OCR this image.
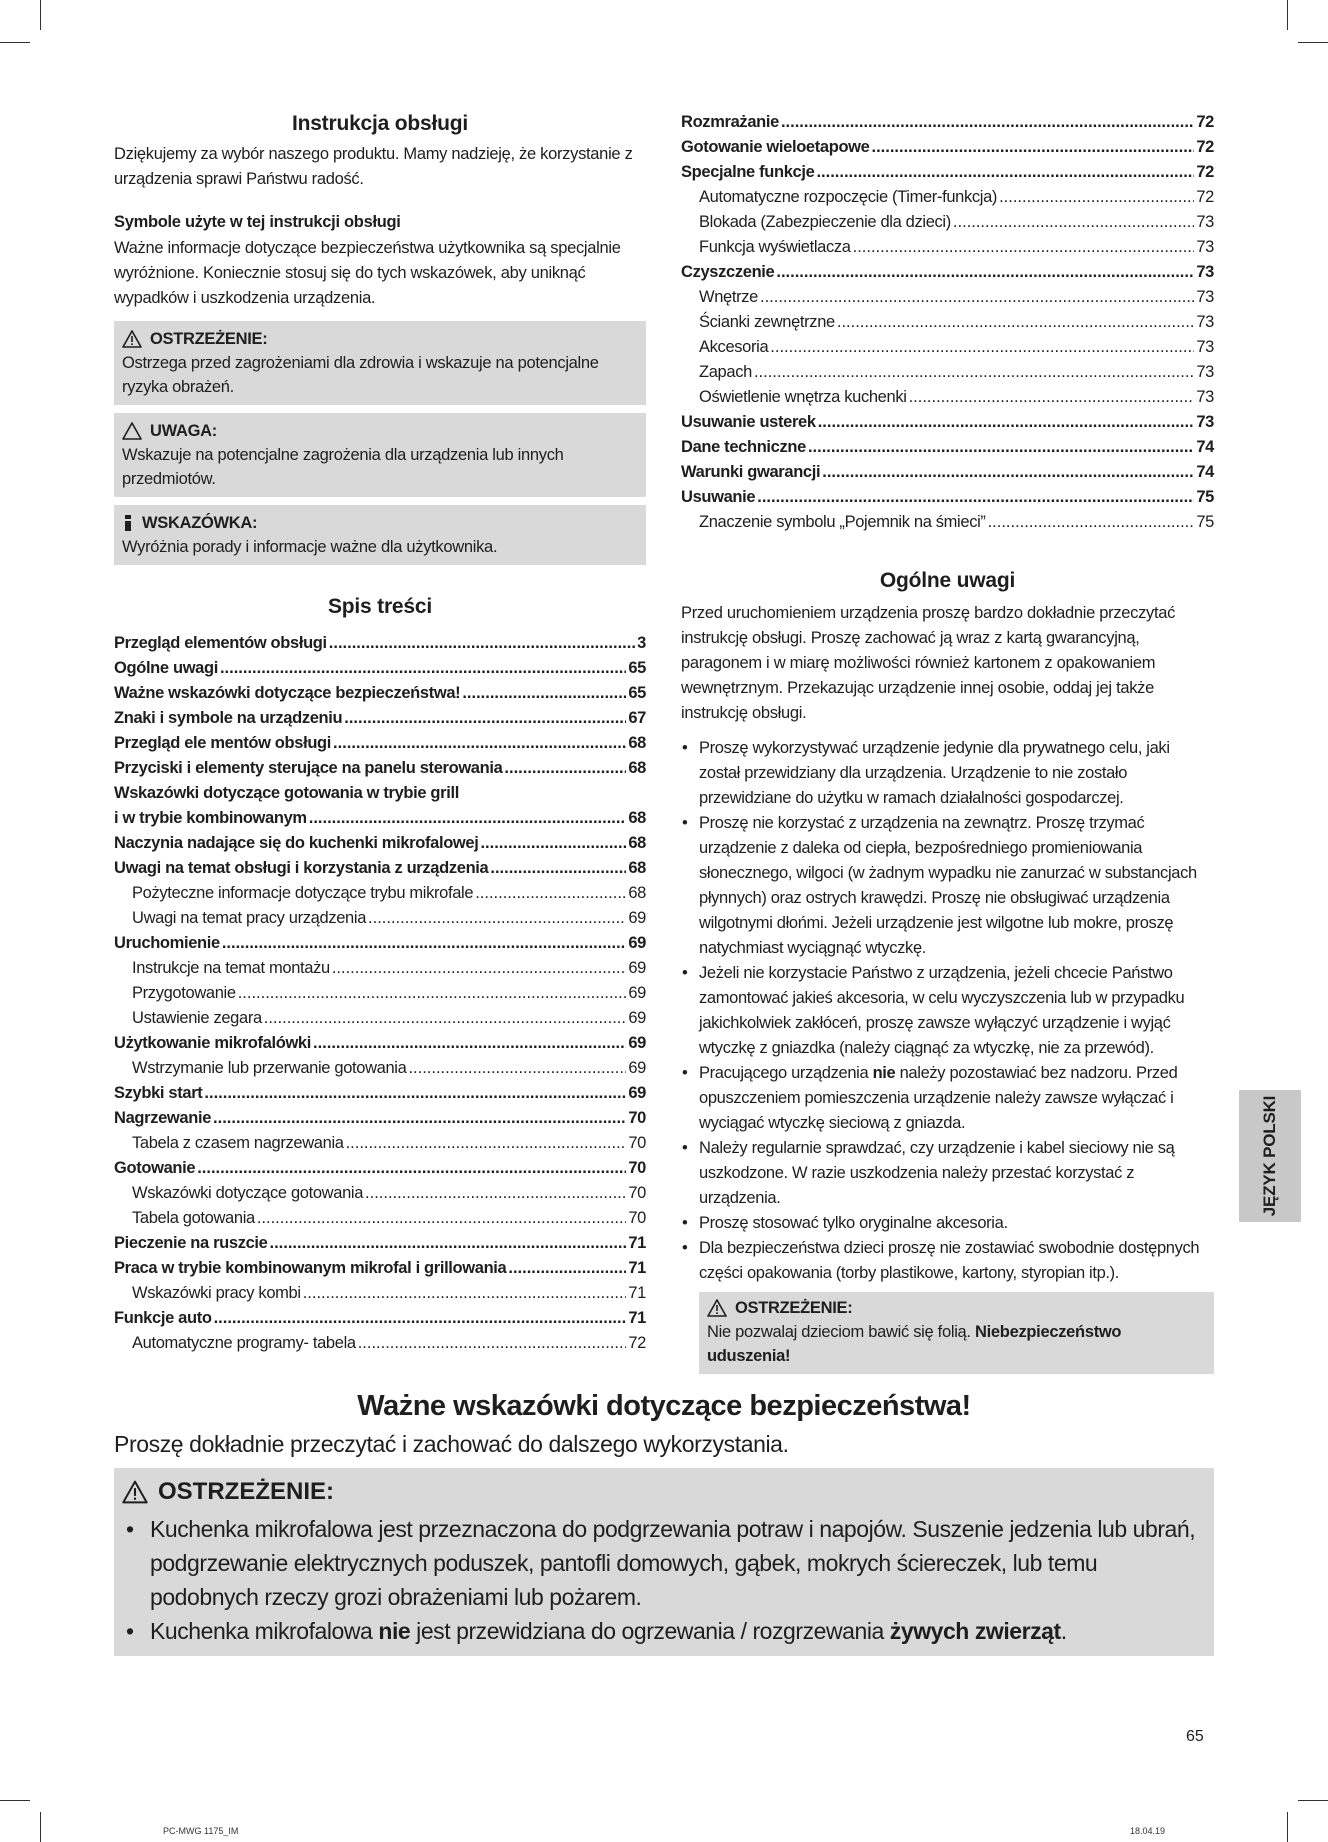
Instrukcja obsługi

Dziękujemy za wybór naszego produktu. Mamy nadzieję, że korzystanie z urządzenia sprawi Państwu radość.

Symbole użyte w tej instrukcji obsługi

Ważne informacje dotyczące bezpieczeństwa użytkownika są specjalnie wyróżnione. Koniecznie stosuj się do tych wskazówek, aby uniknąć wypadków i uszkodzenia urządzenia.

OSTRZEŻENIE:
Ostrzega przed zagrożeniami dla zdrowia i wskazuje na potencjalne ryzyka obrażeń.
UWAGA:
Wskazuje na potencjalne zagrożenia dla urządzenia lub innych przedmiotów.
WSKAZÓWKA:
Wyróżnia porady i informacje ważne dla użytkownika.
Spis treści
Przegląd elementów obsługi .....	3
Ogólne uwagi .....	65
Ważne wskazówki dotyczące bezpieczeństwa! .....	65
Znaki i symbole na urządzeniu .....	67
Przegląd ele mentów obsługi .....	68
Przyciski i elementy sterujące na panelu sterowania .....	68
Wskazówki dotyczące gotowania w trybie grill
i w trybie kombinowanym .....	68
Naczynia nadające się do kuchenki mikrofalowej .....	68
Uwagi na temat obsługi i korzystania z urządzenia .....	68
Pożyteczne informacje dotyczące trybu mikrofale .....	68
Uwagi na temat pracy urządzenia .....	69
Uruchomienie .....	69
Instrukcje na temat montażu .....	69
Przygotowanie .....	69
Ustawienie zegara .....	69
Użytkowanie mikrofalówki .....	69
Wstrzymanie lub przerwanie gotowania .....	69
Szybki start .....	69
Nagrzewanie .....	70
Tabela z czasem nagrzewania .....	70
Gotowanie .....	70
Wskazówki dotyczące gotowania .....	70
Tabela gotowania .....	70
Pieczenie na ruszcie .....	71
Praca w trybie kombinowanym mikrofal i grillowania .....	71
Wskazówki pracy kombi .....	71
Funkcje auto .....	71
Automatyczne programy- tabela .....	72
Rozmrażanie .....	72
Gotowanie wieloetapowe .....	72
Specjalne funkcje .....	72
Automatyczne rozpoczęcie (Timer-funkcja) .....	72
Blokada (Zabezpieczenie dla dzieci) .....	73
Funkcja wyświetlacza .....	73
Czyszczenie .....	73
Wnętrze .....	73
Ścianki zewnętrzne .....	73
Akcesoria .....	73
Zapach .....	73
Oświetlenie wnętrza kuchenki .....	73
Usuwanie usterek .....	73
Dane techniczne .....	74
Warunki gwarancji .....	74
Usuwanie .....	75
Znaczenie symbolu „Pojemnik na śmieci” .....	75
Ogólne uwagi

Przed uruchomieniem urządzenia proszę bardzo dokładnie przeczytać instrukcję obsługi. Proszę zachować ją wraz z kartą gwarancyjną, paragonem i w miarę możliwości również kartonem z opakowaniem wewnętrznym. Przekazując urządzenie innej osobie, oddaj jej także instrukcję obsługi.

• Proszę wykorzystywać urządzenie jedynie dla prywatnego celu, jaki został przewidziany dla urządzenia. Urządzenie to nie zostało przewidziane do użytku w ramach działalności gospodarczej.
• Proszę nie korzystać z urządzenia na zewnątrz. Proszę trzymać urządzenie z daleka od ciepła, bezpośredniego promieniowania słonecznego, wilgoci (w żadnym wypadku nie zanurzać w substancjach płynnych) oraz ostrych krawędzi. Proszę nie obsługiwać urządzenia wilgotnymi dłońmi. Jeżeli urządzenie jest wilgotne lub mokre, proszę natychmiast wyciągnąć wtyczkę.
• Jeżeli nie korzystacie Państwo z urządzenia, jeżeli chcecie Państwo zamontować jakieś akcesoria, w celu wyczyszczenia lub w przypadku jakichkolwiek zakłóceń, proszę zawsze wyłączyć urządzenie i wyjąć wtyczkę z gniazdka (należy ciągnąć za wtyczkę, nie za przewód).
• Pracującego urządzenia nie należy pozostawiać bez nadzoru. Przed opuszczeniem pomieszczenia urządzenie należy zawsze wyłączać i wyciągać wtyczkę sieciową z gniazda.
• Należy regularnie sprawdzać, czy urządzenie i kabel sieciowy nie są uszkodzone. W razie uszkodzenia należy przestać korzystać z urządzenia.
• Proszę stosować tylko oryginalne akcesoria.
• Dla bezpieczeństwa dzieci proszę nie zostawiać swobodnie dostępnych części opakowania (torby plastikowe, kartony, styropian itp.).
OSTRZEŻENIE:
Nie pozwalaj dzieciom bawić się folią. Niebezpieczeństwo uduszenia!
Ważne wskazówki dotyczące bezpieczeństwa!
Proszę dokładnie przeczytać i zachować do dalszego wykorzystania.
OSTRZEŻENIE:
• Kuchenka mikrofalowa jest przeznaczona do podgrzewania potraw i napojów. Suszenie jedzenia lub ubrań, podgrzewanie elektrycznych poduszek, pantofli domowych, gąbek, mokrych ściereczek, lub temu podobnych rzeczy grozi obrażeniami lub pożarem.
• Kuchenka mikrofalowa nie jest przewidziana do ogrzewania / rozgrzewania żywych zwierząt.
JĘZYK POLSKI
65
PC-MWG 1175_IM	18.04.19
